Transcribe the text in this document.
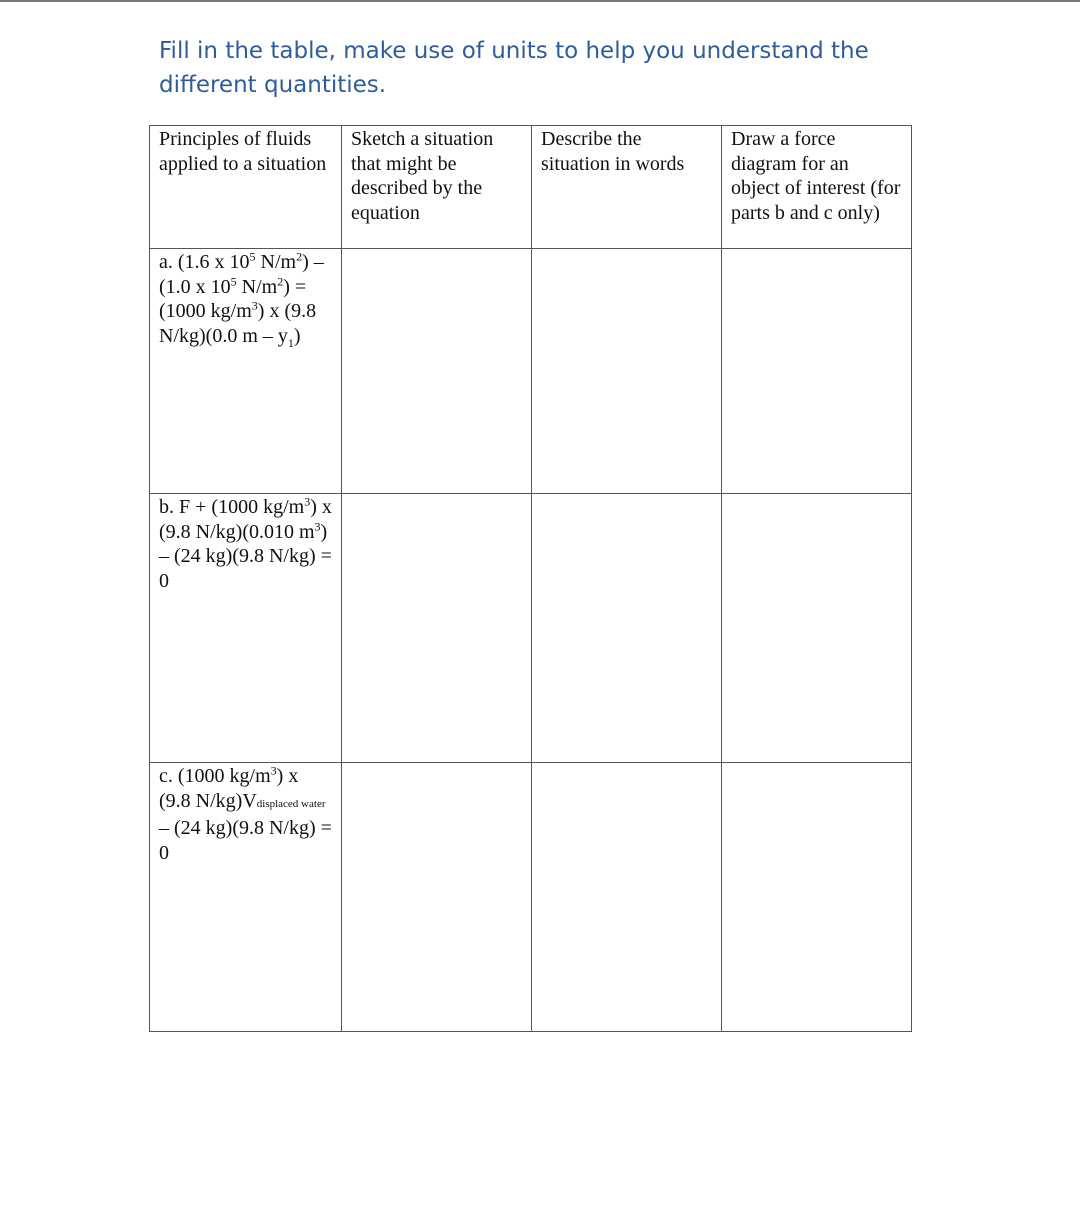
Fill in the table, make use of units to help you understand the different quantities.
Principles of fluids applied to a situation	Sketch a situation that might be described by the equation	Describe the situation in words	Draw a force diagram for an object of interest (for parts b and c only)
a. (1.6 x $10^5$ $N/m^2) - (1.0$ x $10^5$ $N/m^2) = (1000$ $kg/m^3$) x (9.8 N/kg)(0.0 m – $y_1$)			
b. F + (1000 $kg/m^3$) x (9.8 N/kg)(0.010 $m^3) - (24$ kg)(9.8 N/kg) = 0			
c. (1000 $kg/m^3$) x (9.8 N/kg)Vdisplaced water – (24 kg)(9.8 N/kg) = 0			
